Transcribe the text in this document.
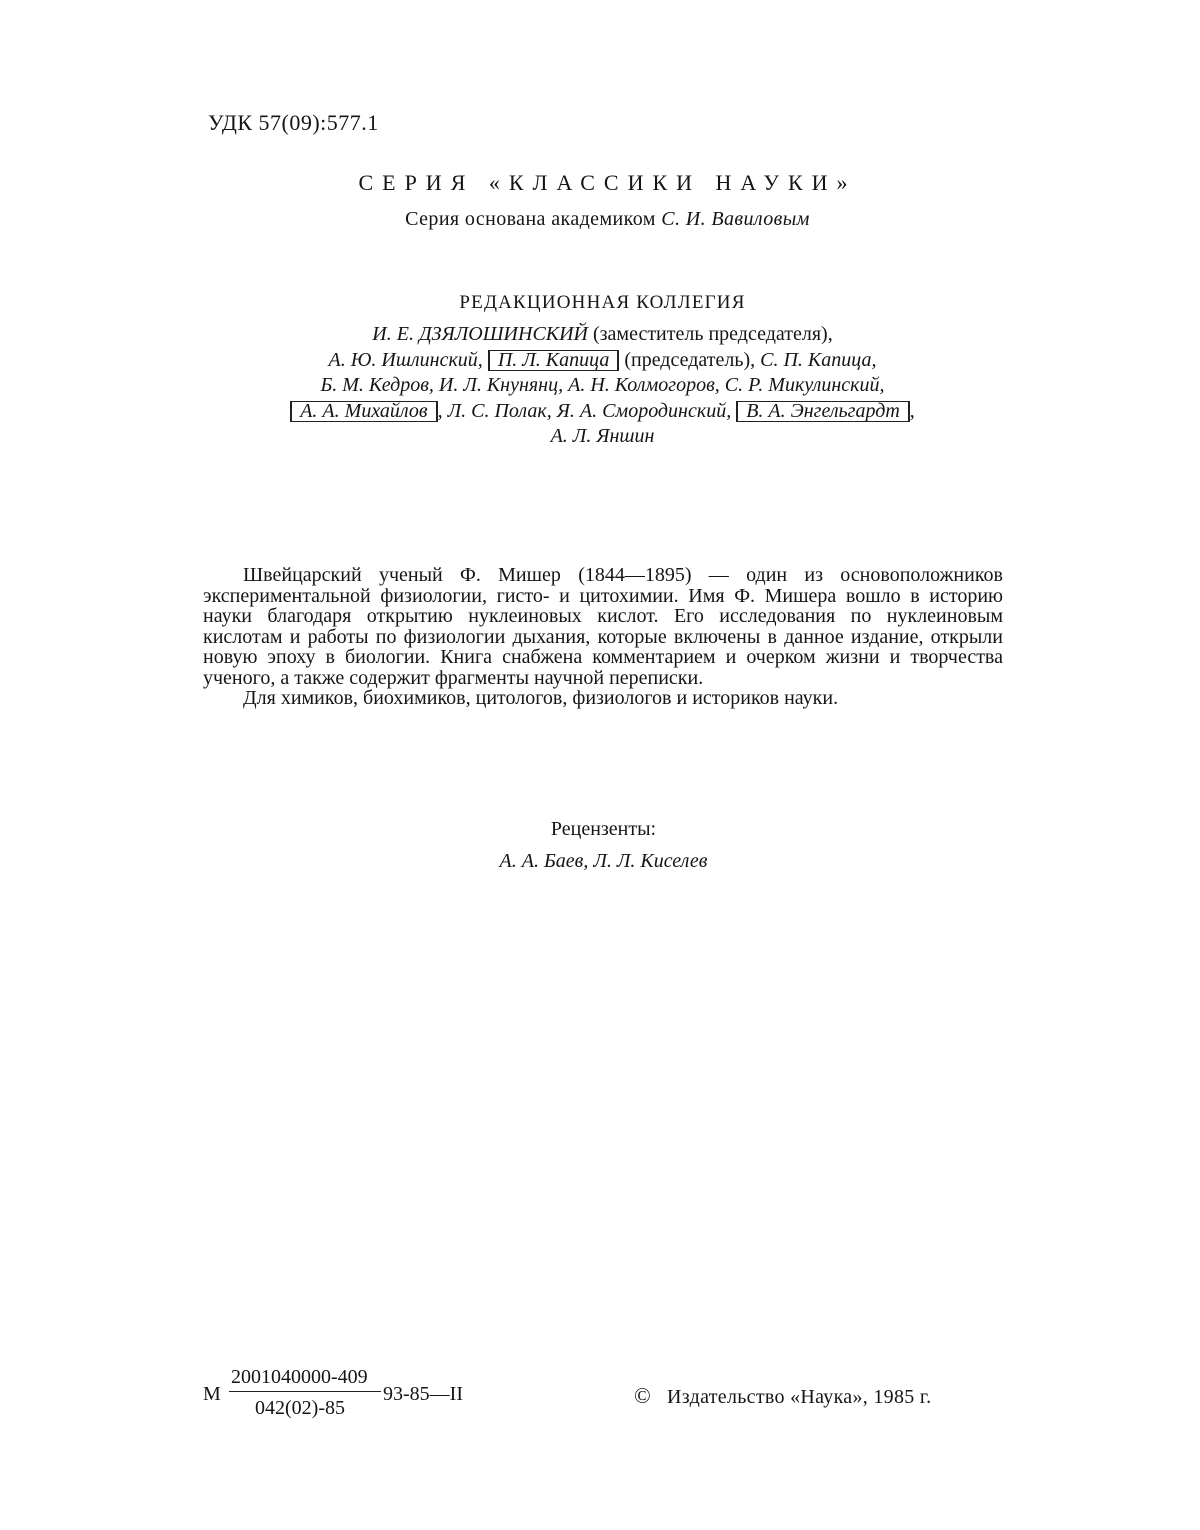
УДК 57(09):577.1
СЕРИЯ «КЛАССИКИ НАУКИ»
Серия основана академиком С. И. Вавиловым
РЕДАКЦИОННАЯ КОЛЛЕГИЯ
И. Е. ДЗЯЛОШИНСКИЙ (заместитель председателя),
А. Ю. Ишлинский, П. Л. Капица (председатель), С. П. Капица,
Б. М. Кедров, И. Л. Кнунянц, А. Н. Колмогоров, С. Р. Микулинский,
А. А. Михайлов , Л. С. Полак, Я. А. Смородинский, В. А. Энгельгардт ,
А. Л. Яншин

Швейцарский ученый Ф. Мишер (1844—1895) — один из основоположников экспериментальной физиологии, гисто- и цитохимии. Имя Ф. Мишера вошло в историю науки благодаря открытию нуклеиновых кислот. Его исследования по нуклеиновым кислотам и работы по физиологии дыхания, которые включены в данное издание, открыли новую эпоху в биологии. Книга снабжена комментарием и очерком жизни и творчества ученого, а также содержит фрагменты научной переписки.

Для химиков, биохимиков, цитологов, физиологов и историков науки.

Рецензенты:
А. А. Баев, Л. Л. Киселев
М
2001040000-409
042(02)-85
93-85—II	© Издательство «Наука», 1985 г.
